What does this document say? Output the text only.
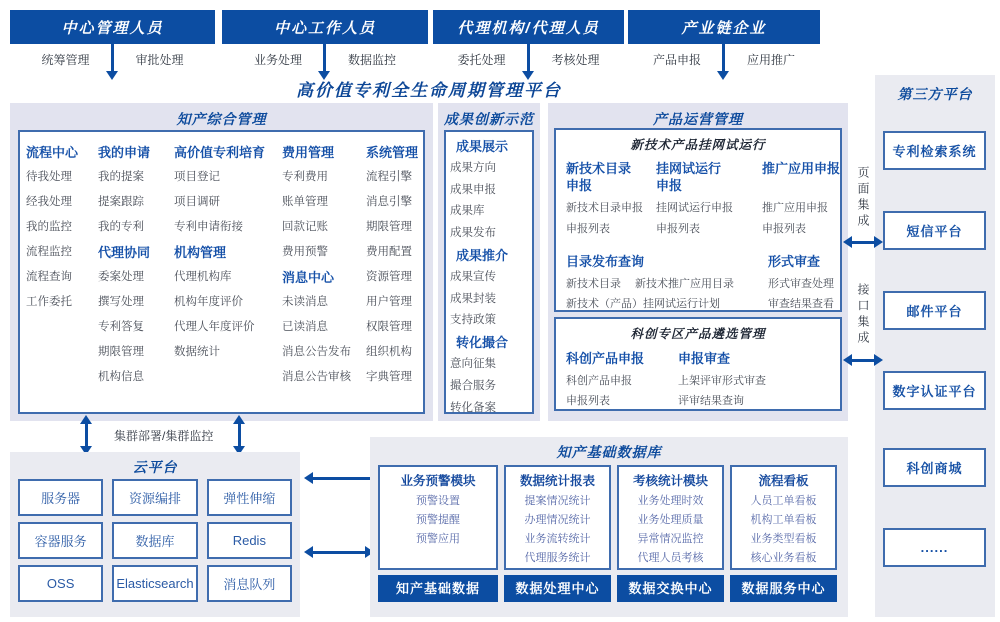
中心管理人员
统筹管理	审批处理
中心工作人员
业务处理	数据监控
代理机构/代理人员
委托处理	考核处理
产业链企业
产品申报	应用推广
高价值专利全生命周期管理平台
知产综合管理
流程中心
待我处理
经我处理
我的监控
流程监控
流程查询
工作委托
我的申请
我的提案
提案跟踪
我的专利
代理协同
委案处理
撰写处理
专利答复
期限管理
机构信息
高价值专利培育
项目登记
项目调研
专利申请衔接
机构管理
代理机构库
机构年度评价
代理人年度评价
数据统计
费用管理
专利费用
账单管理
回款记账
费用预警
消息中心
未读消息
已读消息
消息公告发布
消息公告审核
系统管理
流程引擎
消息引擎
期限管理
费用配置
资源管理
用户管理
权限管理
组织机构
字典管理
成果创新示范
成果展示
成果方向
成果申报
成果库
成果发布
成果推介
成果宣传
成果封装
支持政策
转化撮合
意向征集
撮合服务
转化备案
产品运营管理
新技术产品挂网试运行
新技术目录申报
新技术目录申报
申报列表
挂网试运行申报
挂网试运行申报
申报列表
推广应用申报
推广应用申报
申报列表
目录发布查询
新技术目录 新技术推广应用目录
新技术（产品）挂网试运行计划
形式审查
形式审查处理
审查结果查看
科创专区产品遴选管理
科创产品申报
科创产品申报
申报列表
申报审查
上架评审形式审查
评审结果查询
第三方平台
专利检索系统
短信平台
邮件平台
数字认证平台
科创商城
......
页面集成
接口集成
集群部署/集群监控
云平台
服务器	资源编排	弹性伸缩
容器服务	数据库	Redis
OSS	Elasticsearch	消息队列
知产基础数据库
业务预警模块
预警设置
预警提醒
预警应用
数据统计报表
提案情况统计
办理情况统计
业务流转统计
代理服务统计
考核统计模块
业务处理时效
业务处理质量
异常情况监控
代理人员考核
流程看板
人员工单看板
机构工单看板
业务类型看板
核心业务看板
知产基础数据	数据处理中心	数据交换中心	数据服务中心
